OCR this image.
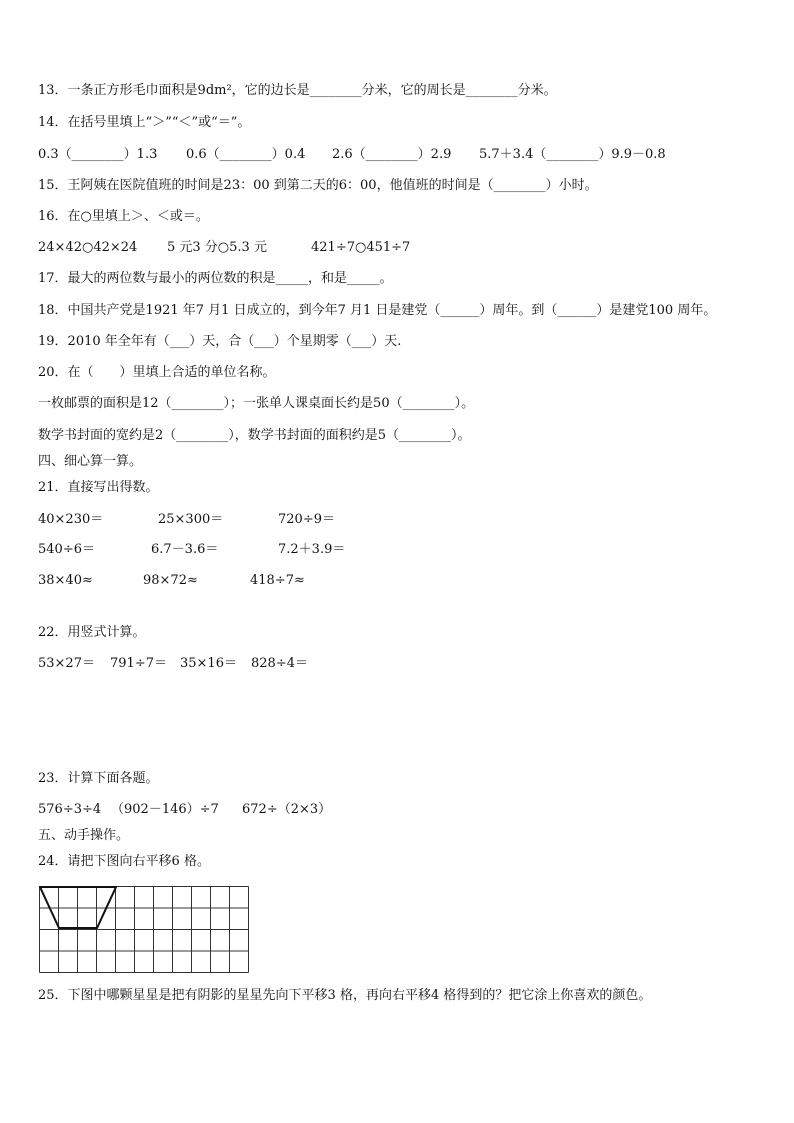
13．一条正方形毛巾面积是9dm²，它的边长是________分米，它的周长是________分米。
14．在括号里填上“＞”“＜”或“＝”。
0.3（________）1.3 0.6（________）0.4 2.6（________）2.9 5.7＋3.4（________）9.9－0.8
15．王阿姨在医院值班的时间是23：00 到第二天的6：00，他值班的时间是（________）小时。
16．在○里填上＞、＜或＝。
24×42○42×24 5 元3 分○5.3 元	421÷7○451÷7
17．最大的两位数与最小的两位数的积是_____，和是_____。
18．中国共产党是1921 年7 月1 日成立的，到今年7 月1 日是建党（______）周年。到（______）是建党100 周年。
19．2010 年全年有（___）天，合（___）个星期零（___）天.
20．在（　　）里填上合适的单位名称。
一枚邮票的面积是12（________）；一张单人课桌面长约是50（________）。
数学书封面的宽约是2（________），数学书封面的面积约是5（________）。
四、细心算一算。
21．直接写出得数。
40×230＝	25×300＝	720÷9＝
540÷6＝	6.7－3.6＝	7.2＋3.9＝
38×40≈	98×72≈	418÷7≈
22．用竖式计算。
53×27＝ 791÷7＝ 35×16＝ 828÷4＝
23．计算下面各题。
576÷3÷4 （902－146）÷7 672÷（2×3）
五、动手操作。
24．请把下图向右平移6 格。
25．下图中哪颗星星是把有阴影的星星先向下平移3 格，再向右平移4 格得到的？把它涂上你喜欢的颜色。
